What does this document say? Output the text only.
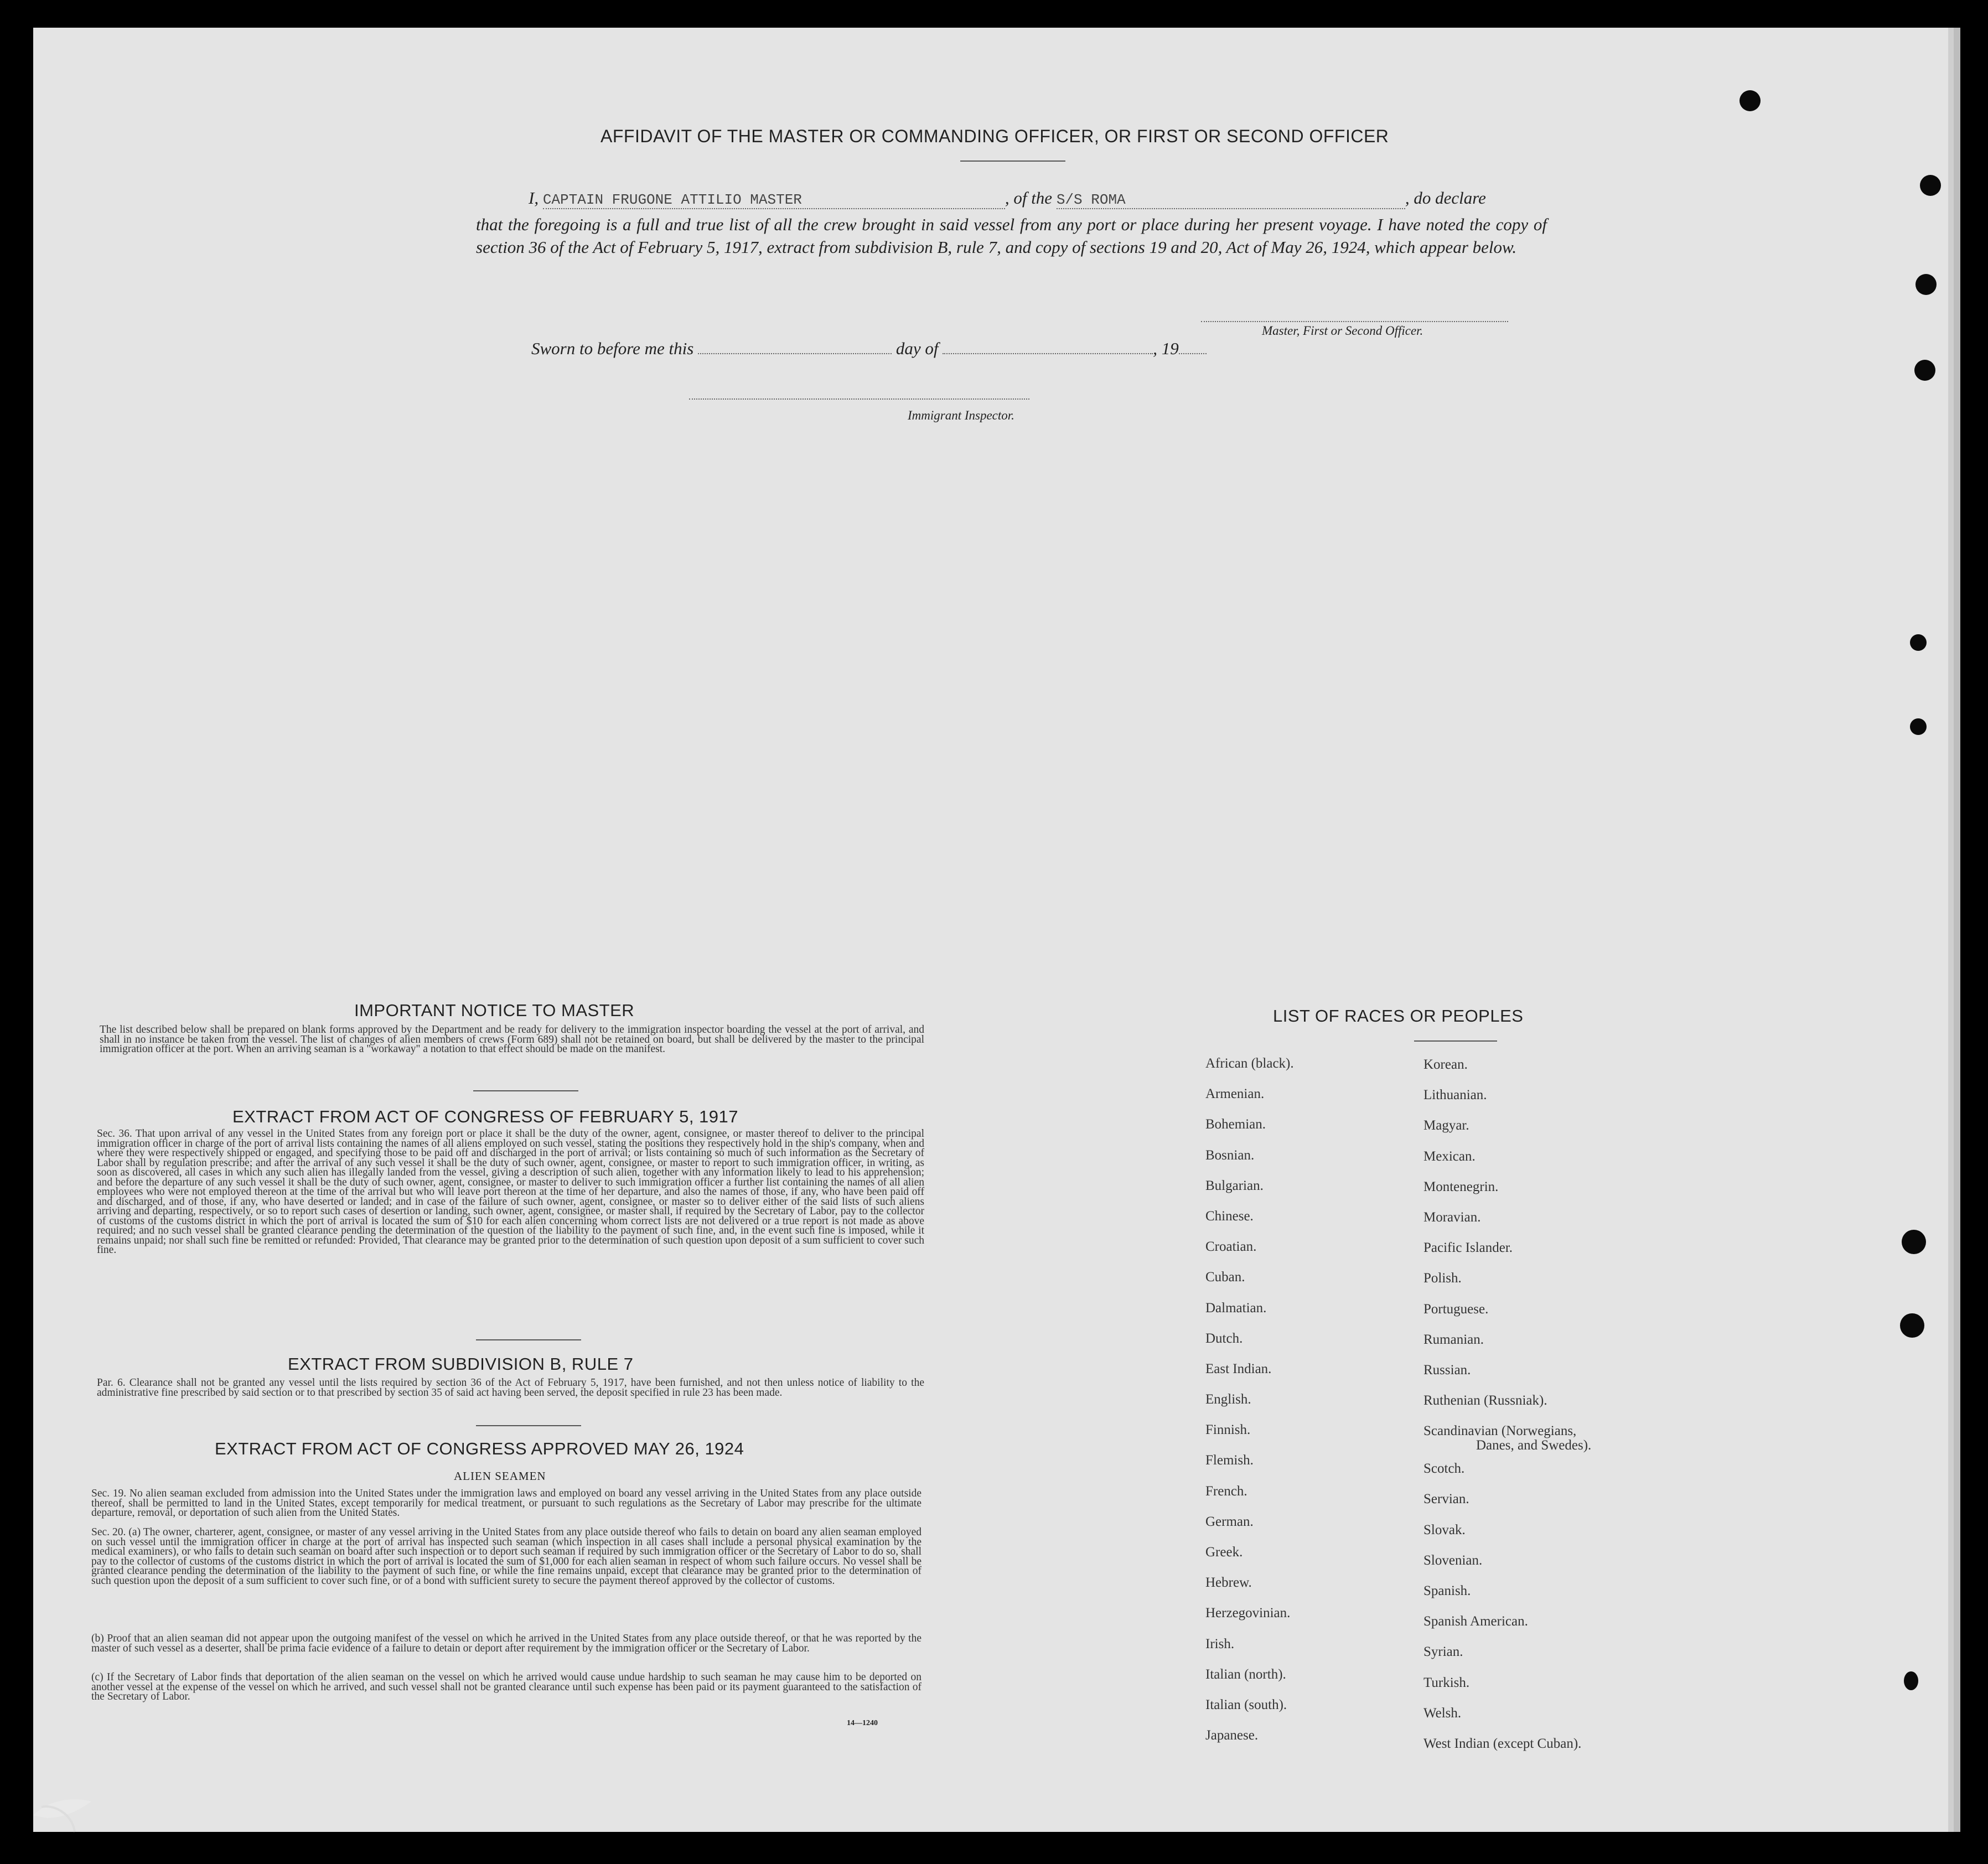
AFFIDAVIT OF THE MASTER OR COMMANDING OFFICER, OR FIRST OR SECOND OFFICER
I, CAPTAIN FRUGONE ATTILIO MASTER	, of the S/S ROMA	, do declare
that the foregoing is a full and true list of all the crew brought in said vessel from any port or place during her present voyage. I have noted the copy of section 36 of the Act of February 5, 1917, extract from subdivision B, rule 7, and copy of sections 19 and 20, Act of May 26, 1924, which appear below.
Master, First or Second Officer.
Sworn to before me this	day of	, 19
Immigrant Inspector.
IMPORTANT NOTICE TO MASTER
The list described below shall be prepared on blank forms approved by the Department and be ready for delivery to the immigration inspector boarding the vessel at the port of arrival, and shall in no instance be taken from the vessel. The list of changes of alien members of crews (Form 689) shall not be retained on board, but shall be delivered by the master to the principal immigration officer at the port. When an arriving seaman is a "workaway" a notation to that effect should be made on the manifest.
EXTRACT FROM ACT OF CONGRESS OF FEBRUARY 5, 1917
Sec. 36. That upon arrival of any vessel in the United States from any foreign port or place it shall be the duty of the owner, agent, consignee, or master thereof to deliver to the principal immigration officer in charge of the port of arrival lists containing the names of all aliens employed on such vessel, stating the positions they respectively hold in the ship's company, when and where they were respectively shipped or engaged, and specifying those to be paid off and discharged in the port of arrival; or lists containing so much of such information as the Secretary of Labor shall by regulation prescribe; and after the arrival of any such vessel it shall be the duty of such owner, agent, consignee, or master to report to such immigration officer, in writing, as soon as discovered, all cases in which any such alien has illegally landed from the vessel, giving a description of such alien, together with any information likely to lead to his apprehension; and before the departure of any such vessel it shall be the duty of such owner, agent, consignee, or master to deliver to such immigration officer a further list containing the names of all alien employees who were not employed thereon at the time of the arrival but who will leave port thereon at the time of her departure, and also the names of those, if any, who have been paid off and discharged, and of those, if any, who have deserted or landed; and in case of the failure of such owner, agent, consignee, or master so to deliver either of the said lists of such aliens arriving and departing, respectively, or so to report such cases of desertion or landing, such owner, agent, consignee, or master shall, if required by the Secretary of Labor, pay to the collector of customs of the customs district in which the port of arrival is located the sum of $10 for each alien concerning whom correct lists are not delivered or a true report is not made as above required; and no such vessel shall be granted clearance pending the determination of the question of the liability to the payment of such fine, and, in the event such fine is imposed, while it remains unpaid; nor shall such fine be remitted or refunded: Provided, That clearance may be granted prior to the determination of such question upon deposit of a sum sufficient to cover such fine.
EXTRACT FROM SUBDIVISION B, RULE 7
Par. 6. Clearance shall not be granted any vessel until the lists required by section 36 of the Act of February 5, 1917, have been furnished, and not then unless notice of liability to the administrative fine prescribed by said section or to that prescribed by section 35 of said act having been served, the deposit specified in rule 23 has been made.
EXTRACT FROM ACT OF CONGRESS APPROVED MAY 26, 1924
ALIEN SEAMEN
Sec. 19. No alien seaman excluded from admission into the United States under the immigration laws and employed on board any vessel arriving in the United States from any place outside thereof, shall be permitted to land in the United States, except temporarily for medical treatment, or pursuant to such regulations as the Secretary of Labor may prescribe for the ultimate departure, removal, or deportation of such alien from the United States.
Sec. 20. (a) The owner, charterer, agent, consignee, or master of any vessel arriving in the United States from any place outside thereof who fails to detain on board any alien seaman employed on such vessel until the immigration officer in charge at the port of arrival has inspected such seaman (which inspection in all cases shall include a personal physical examination by the medical examiners), or who fails to detain such seaman on board after such inspection or to deport such seaman if required by such immigration officer or the Secretary of Labor to do so, shall pay to the collector of customs of the customs district in which the port of arrival is located the sum of $1,000 for each alien seaman in respect of whom such failure occurs. No vessel shall be granted clearance pending the determination of the liability to the payment of such fine, or while the fine remains unpaid, except that clearance may be granted prior to the determination of such question upon the deposit of a sum sufficient to cover such fine, or of a bond with sufficient surety to secure the payment thereof approved by the collector of customs.
(b) Proof that an alien seaman did not appear upon the outgoing manifest of the vessel on which he arrived in the United States from any place outside thereof, or that he was reported by the master of such vessel as a deserter, shall be prima facie evidence of a failure to detain or deport after requirement by the immigration officer or the Secretary of Labor.
(c) If the Secretary of Labor finds that deportation of the alien seaman on the vessel on which he arrived would cause undue hardship to such seaman he may cause him to be deported on another vessel at the expense of the vessel on which he arrived, and such vessel shall not be granted clearance until such expense has been paid or its payment guaranteed to the satisfaction of the Secretary of Labor.
14—1240
LIST OF RACES OR PEOPLES
African (black).
Armenian.
Bohemian.
Bosnian.
Bulgarian.
Chinese.
Croatian.
Cuban.
Dalmatian.
Dutch.
East Indian.
English.
Finnish.
Flemish.
French.
German.
Greek.
Hebrew.
Herzegovinian.
Irish.
Italian (north).
Italian (south).
Japanese.
Korean.
Lithuanian.
Magyar.
Mexican.
Montenegrin.
Moravian.
Pacific Islander.
Polish.
Portuguese.
Rumanian.
Russian.
Ruthenian (Russniak).
Scandinavian (Norwegians,
Danes, and Swedes).
Scotch.
Servian.
Slovak.
Slovenian.
Spanish.
Spanish American.
Syrian.
Turkish.
Welsh.
West Indian (except Cuban).
